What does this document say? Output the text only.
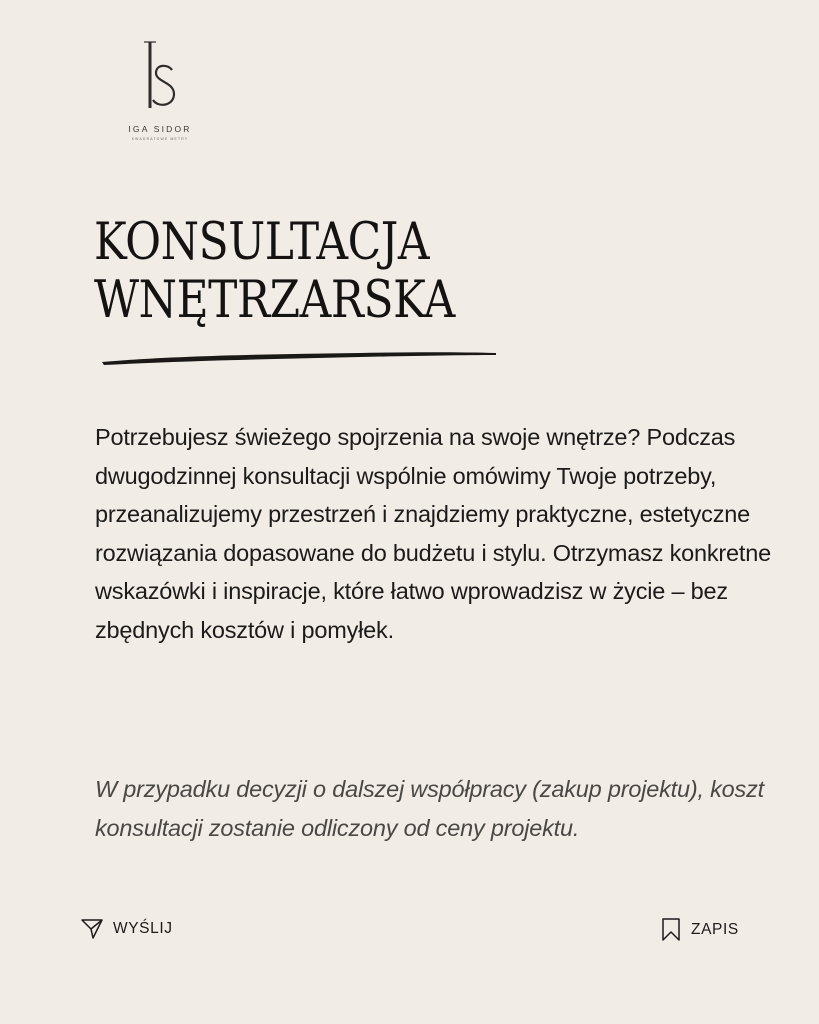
IGA SIDOR
KWADRATOWE METRY
KONSULTACJA
WNĘTRZARSKA

Potrzebujesz świeżego spojrzenia na swoje wnętrze? Podczas dwugodzinnej konsultacji wspólnie omówimy Twoje potrzeby, przeanalizujemy przestrzeń i znajdziemy praktyczne, estetyczne rozwiązania dopasowane do budżetu i stylu. Otrzymasz konkretne wskazówki i inspiracje, które łatwo wprowadzisz w życie – bez zbędnych kosztów i pomyłek.

W przypadku decyzji o dalszej współpracy (zakup projektu), koszt konsultacji zostanie odliczony od ceny projektu.

WYŚLIJ	ZAPIS
